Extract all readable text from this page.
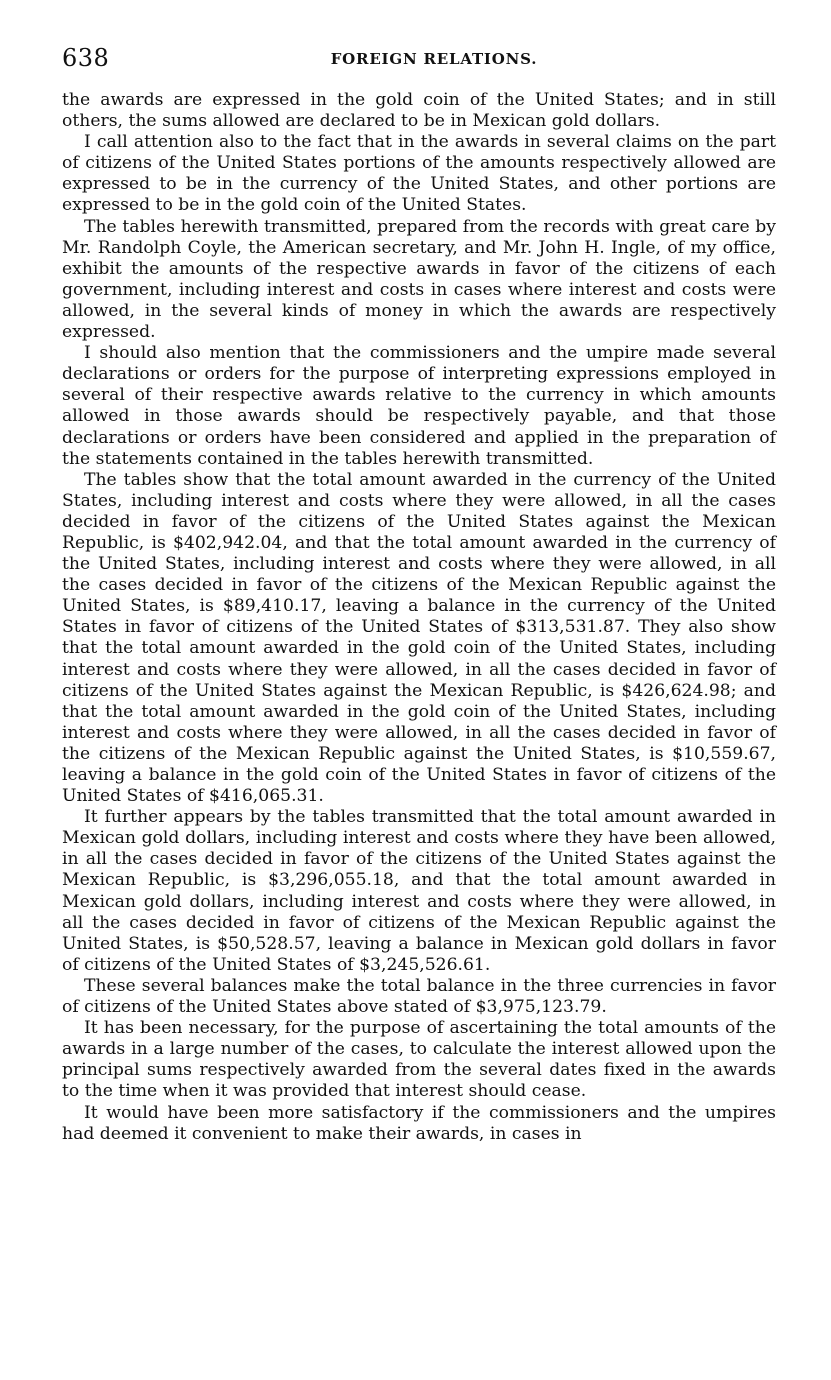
638	FOREIGN RELATIONS.

the awards are expressed in the gold coin of the United States; and in still others, the sums allowed are declared to be in Mexican gold dollars.

I call attention also to the fact that in the awards in several claims on the part of citizens of the United States portions of the amounts respectively allowed are expressed to be in the currency of the United States, and other portions are expressed to be in the gold coin of the United States.

The tables herewith transmitted, prepared from the records with great care by Mr. Randolph Coyle, the American secretary, and Mr. John H. Ingle, of my office, exhibit the amounts of the respective awards in favor of the citizens of each government, including interest and costs in cases where interest and costs were allowed, in the several kinds of money in which the awards are respectively expressed.

I should also mention that the commissioners and the umpire made several declarations or orders for the purpose of interpreting expressions employed in several of their respective awards relative to the currency in which amounts allowed in those awards should be respectively payable, and that those declarations or orders have been considered and applied in the preparation of the statements contained in the tables herewith transmitted.

The tables show that the total amount awarded in the currency of the United States, including interest and costs where they were allowed, in all the cases decided in favor of the citizens of the United States against the Mexican Republic, is $402,942.04, and that the total amount awarded in the currency of the United States, including interest and costs where they were allowed, in all the cases decided in favor of the citizens of the Mexican Republic against the United States, is $89,410.17, leaving a balance in the currency of the United States in favor of citizens of the United States of $313,531.87. They also show that the total amount awarded in the gold coin of the United States, including interest and costs where they were allowed, in all the cases decided in favor of citizens of the United States against the Mexican Republic, is $426,624.98; and that the total amount awarded in the gold coin of the United States, including interest and costs where they were allowed, in all the cases decided in favor of the citizens of the Mexican Republic against the United States, is $10,559.67, leaving a balance in the gold coin of the United States in favor of citizens of the United States of $416,065.31.

It further appears by the tables transmitted that the total amount awarded in Mexican gold dollars, including interest and costs where they have been allowed, in all the cases decided in favor of the citizens of the United States against the Mexican Republic, is $3,296,055.18, and that the total amount awarded in Mexican gold dollars, including interest and costs where they were allowed, in all the cases decided in favor of citizens of the Mexican Republic against the United States, is $50,528.57, leaving a balance in Mexican gold dollars in favor of citizens of the United States of $3,245,526.61.

These several balances make the total balance in the three currencies in favor of citizens of the United States above stated of $3,975,123.79.

It has been necessary, for the purpose of ascertaining the total amounts of the awards in a large number of the cases, to calculate the interest allowed upon the principal sums respectively awarded from the several dates fixed in the awards to the time when it was provided that interest should cease.

It would have been more satisfactory if the commissioners and the umpires had deemed it convenient to make their awards, in cases in
